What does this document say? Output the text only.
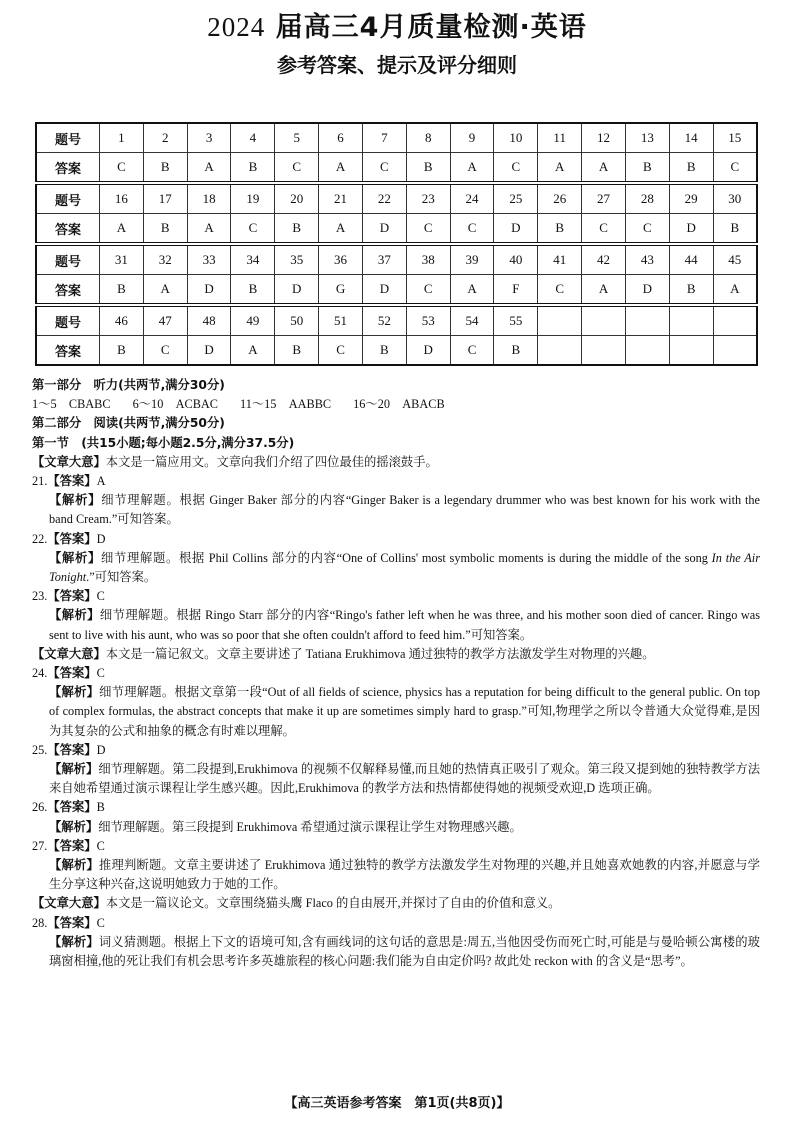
2024 届高三4月质量检测·英语
参考答案、提示及评分细则
题号	1	2	3	4	5	6	7	8	9	10	11	12	13	14	15
答案	C	B	A	B	C	A	C	B	A	C	A	A	B	B	C
题号	16	17	18	19	20	21	22	23	24	25	26	27	28	29	30
答案	A	B	A	C	B	A	D	C	C	D	B	C	C	D	B
题号	31	32	33	34	35	36	37	38	39	40	41	42	43	44	45
答案	B	A	D	B	D	G	D	C	A	F	C	A	D	B	A
题号	46	47	48	49	50	51	52	53	54	55					
答案	B	C	D	A	B	C	B	D	C	B					

第一部分　听力(共两节,满分30分)

1～5　CBABC 6～10　ACBAC 11～15　AABBC 16～20　ABACB

第二部分　阅读(共两节,满分50分)

第一节　(共15小题;每小题2.5分,满分37.5分)

【文章大意】本文是一篇应用文。文章向我们介绍了四位最佳的摇滚鼓手。

21.【答案】A

【解析】细节理解题。根据 Ginger Baker 部分的内容“Ginger Baker is a legendary drummer who was best known for his work with the band Cream.”可知答案。

22.【答案】D

【解析】细节理解题。根据 Phil Collins 部分的内容“One of Collins' most symbolic moments is during the middle of the song In the Air Tonight.”可知答案。

23.【答案】C

【解析】细节理解题。根据 Ringo Starr 部分的内容“Ringo's father left when he was three, and his mother soon died of cancer. Ringo was sent to live with his aunt, who was so poor that she often couldn't afford to feed him.”可知答案。

【文章大意】本文是一篇记叙文。文章主要讲述了 Tatiana Erukhimova 通过独特的教学方法激发学生对物理的兴趣。

24.【答案】C

【解析】细节理解题。根据文章第一段“Out of all fields of science, physics has a reputation for being difficult to the general public. On top of complex formulas, the abstract concepts that make it up are sometimes simply hard to grasp.”可知,物理学之所以令普通大众觉得难,是因为其复杂的公式和抽象的概念有时难以理解。

25.【答案】D

【解析】细节理解题。第二段提到,Erukhimova 的视频不仅解释易懂,而且她的热情真正吸引了观众。第三段又提到她的独特教学方法来自她希望通过演示课程让学生感兴趣。因此,Erukhimova 的教学方法和热情都使得她的视频受欢迎,D 选项正确。

26.【答案】B

【解析】细节理解题。第三段提到 Erukhimova 希望通过演示课程让学生对物理感兴趣。

27.【答案】C

【解析】推理判断题。文章主要讲述了 Erukhimova 通过独特的教学方法激发学生对物理的兴趣,并且她喜欢她教的内容,并愿意与学生分享这种兴奋,这说明她致力于她的工作。

【文章大意】本文是一篇议论文。文章围绕猫头鹰 Flaco 的自由展开,并探讨了自由的价值和意义。

28.【答案】C

【解析】词义猜测题。根据上下文的语境可知,含有画线词的这句话的意思是:周五,当他因受伤而死亡时,可能是与曼哈顿公寓楼的玻璃窗相撞,他的死让我们有机会思考许多英雄旅程的核心问题:我们能为自由定价吗? 故此处 reckon with 的含义是“思考”。

【高三英语参考答案　第1页(共8页)】
